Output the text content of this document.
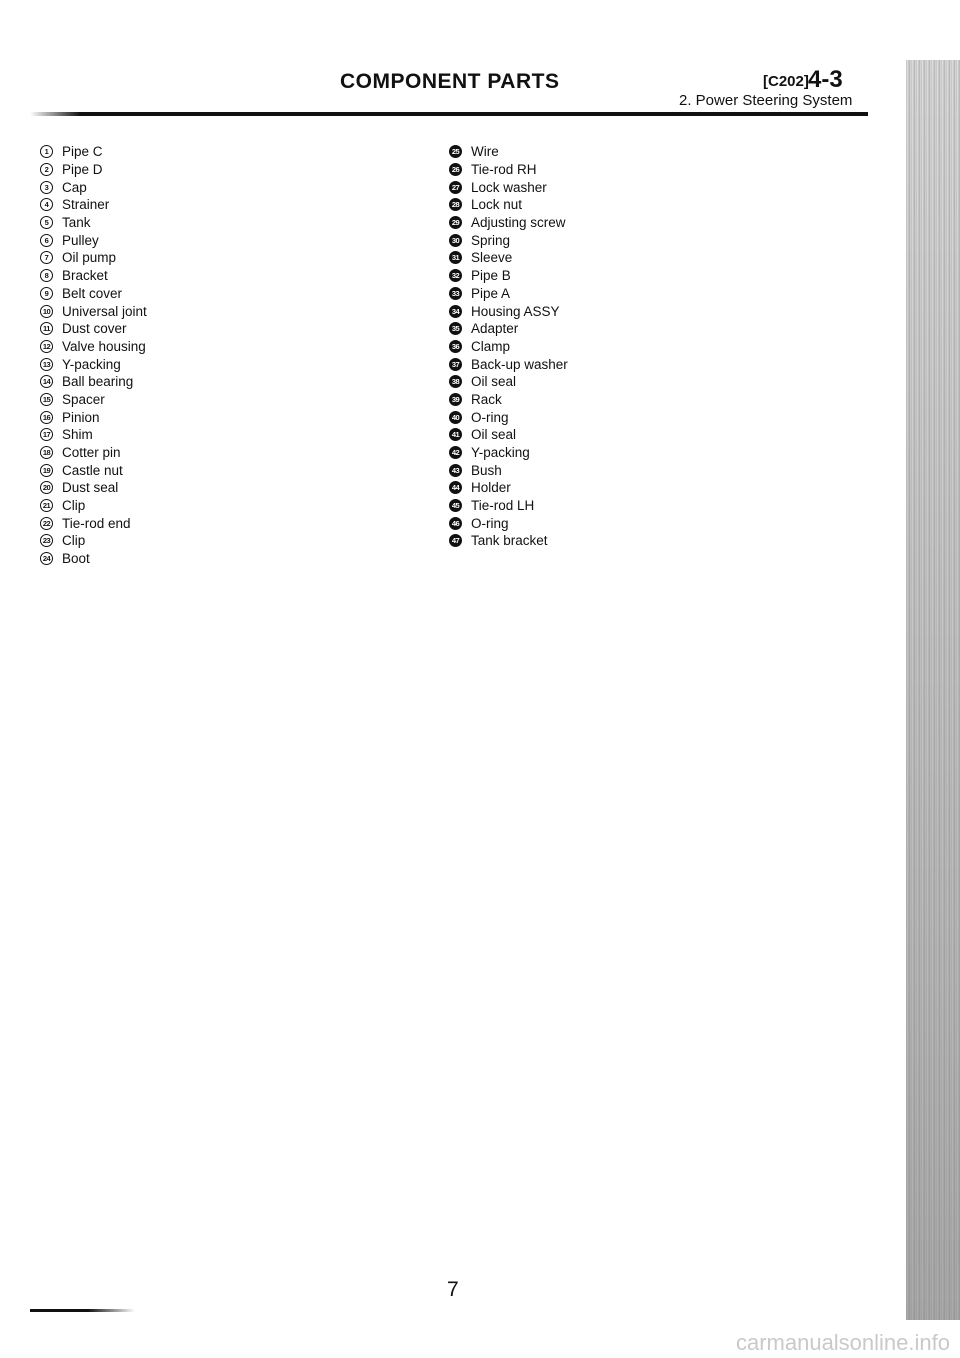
COMPONENT PARTS	[C202] 4-3
2. Power Steering System
1	Pipe C
2	Pipe D
3	Cap
4	Strainer
5	Tank
6	Pulley
7	Oil pump
8	Bracket
9	Belt cover
10 Universal joint
11 Dust cover
12 Valve housing
13 Y-packing
14 Ball bearing
15 Spacer
16 Pinion
17 Shim
18 Cotter pin
19 Castle nut
20 Dust seal
21 Clip
22 Tie-rod end
23 Clip
24 Boot
25 Wire
26 Tie-rod RH
27 Lock washer
28 Lock nut
29 Adjusting screw
30 Spring
31 Sleeve
32 Pipe B
33 Pipe A
34 Housing ASSY
35 Adapter
36 Clamp
37 Back-up washer
38 Oil seal
39 Rack
40 O-ring
41 Oil seal
42 Y-packing
43 Bush
44 Holder
45 Tie-rod LH
46 O-ring
47 Tank bracket
7
carmanualsonline.info
